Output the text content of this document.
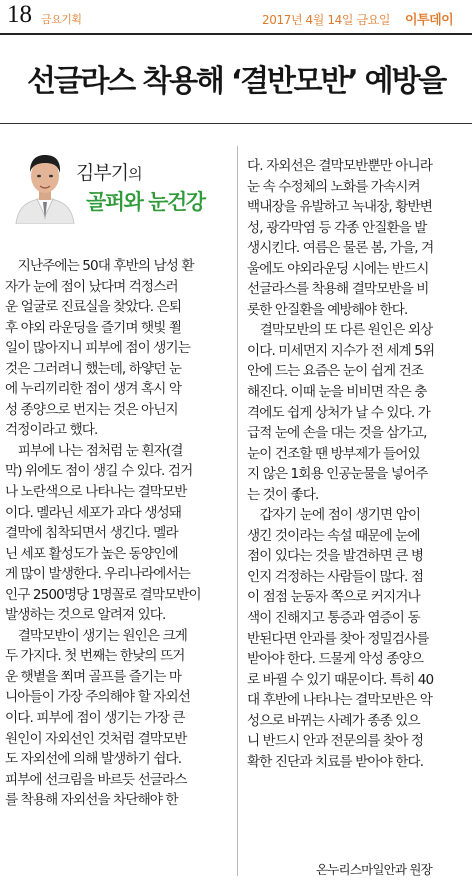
18 금요기획	2017년 4월 14일 금요일 이투데이
선글라스 착용해 ‘결반모반’ 예방을
김부기의
골퍼와 눈건강
　지난주에는 50대 후반의 남성 환
자가 눈에 점이 났다며 걱정스러
운 얼굴로 진료실을 찾았다. 은퇴
후 야외 라운딩을 즐기며 햇빛 쬘
일이 많아지니 피부에 점이 생기는
것은 그러려니 했는데, 하얗던 눈
에 누리끼리한 점이 생겨 혹시 악
성 종양으로 번지는 것은 아닌지
걱정이라고 했다.
　피부에 나는 점처럼 눈 흰자(결
막) 위에도 점이 생길 수 있다. 검거
나 노란색으로 나타나는 결막모반
이다. 멜라닌 세포가 과다 생성돼
결막에 침착되면서 생긴다. 멜라
닌 세포 활성도가 높은 동양인에
게 많이 발생한다. 우리나라에서는
인구 2500명당 1명꼴로 결막모반이
발생하는 것으로 알려져 있다.
　결막모반이 생기는 원인은 크게
두 가지다. 첫 번째는 한낮의 뜨거
운 햇볕을 쬐며 골프를 즐기는 마
니아들이 가장 주의해야 할 자외선
이다. 피부에 점이 생기는 가장 큰
원인이 자외선인 것처럼 결막모반
도 자외선에 의해 발생하기 쉽다.
피부에 선크림을 바르듯 선글라스
를 착용해 자외선을 차단해야 한
다. 자외선은 결막모반뿐만 아니라
눈 속 수정체의 노화를 가속시켜
백내장을 유발하고 녹내장, 황반변
성, 광각막염 등 각종 안질환을 발
생시킨다. 여름은 물론 봄, 가을, 겨
울에도 야외라운딩 시에는 반드시
선글라스를 착용해 결막모반을 비
롯한 안질환을 예방해야 한다.
　결막모반의 또 다른 원인은 외상
이다. 미세먼지 지수가 전 세계 5위
안에 드는 요즘은 눈이 쉽게 건조
해진다. 이때 눈을 비비면 작은 충
격에도 쉽게 상처가 날 수 있다. 가
급적 눈에 손을 대는 것을 삼가고,
눈이 건조할 땐 방부제가 들어있
지 않은 1회용 인공눈물을 넣어주
는 것이 좋다.
　갑자기 눈에 점이 생기면 암이
생긴 것이라는 속설 때문에 눈에
점이 있다는 것을 발견하면 큰 병
인지 걱정하는 사람들이 많다. 점
이 점점 눈동자 쪽으로 커지거나
색이 진해지고 통증과 염증이 동
반된다면 안과를 찾아 정밀검사를
받아야 한다. 드물게 악성 종양으
로 바뀔 수 있기 때문이다. 특히 40
대 후반에 나타나는 결막모반은 악
성으로 바뀌는 사례가 종종 있으
니 반드시 안과 전문의를 찾아 정
확한 진단과 치료를 받아야 한다.
온누리스마일안과 원장
